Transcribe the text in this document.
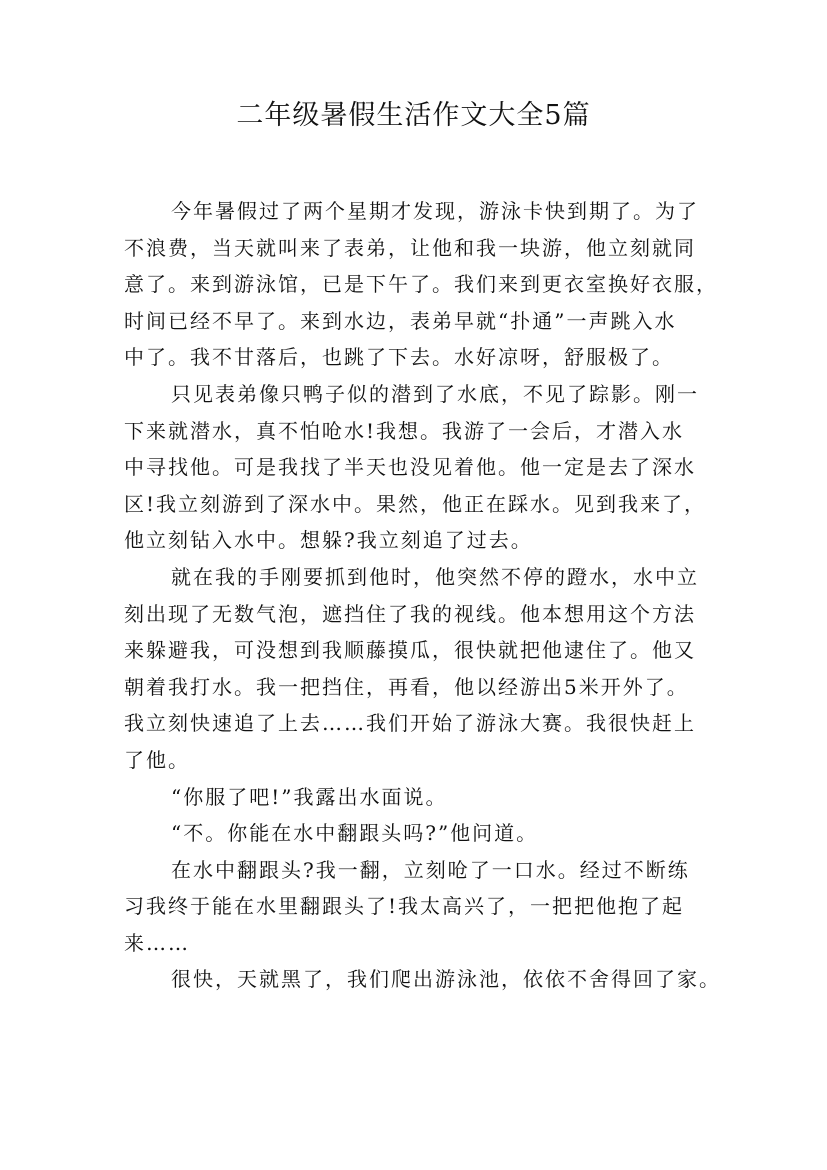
二年级暑假生活作文大全5篇
今年暑假过了两个星期才发现，游泳卡快到期了。为了
不浪费，当天就叫来了表弟，让他和我一块游，他立刻就同
意了。来到游泳馆，已是下午了。我们来到更衣室换好衣服，
时间已经不早了。来到水边，表弟早就“扑通”一声跳入水
中了。我不甘落后，也跳了下去。水好凉呀，舒服极了。
只见表弟像只鸭子似的潜到了水底，不见了踪影。刚一
下来就潜水，真不怕呛水!我想。我游了一会后，才潜入水
中寻找他。可是我找了半天也没见着他。他一定是去了深水
区!我立刻游到了深水中。果然，他正在踩水。见到我来了，
他立刻钻入水中。想躲?我立刻追了过去。
就在我的手刚要抓到他时，他突然不停的蹬水，水中立
刻出现了无数气泡，遮挡住了我的视线。他本想用这个方法
来躲避我，可没想到我顺藤摸瓜，很快就把他逮住了。他又
朝着我打水。我一把挡住，再看，他以经游出5米开外了。
我立刻快速追了上去……我们开始了游泳大赛。我很快赶上
了他。
“你服了吧!”我露出水面说。
“不。你能在水中翻跟头吗?”他问道。
在水中翻跟头?我一翻，立刻呛了一口水。经过不断练
习我终于能在水里翻跟头了!我太高兴了，一把把他抱了起
来……
很快，天就黑了，我们爬出游泳池，依依不舍得回了家。
